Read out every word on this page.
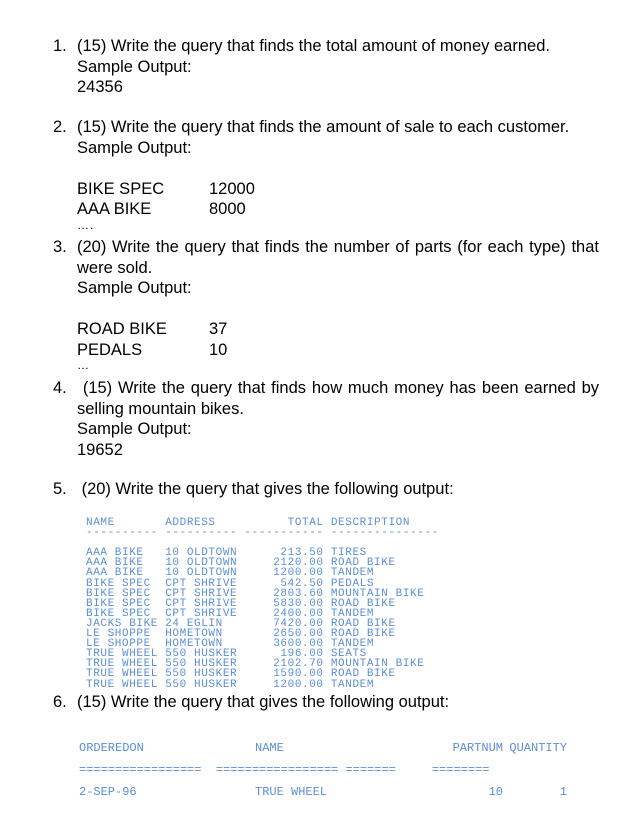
1. (15) Write the query that finds the total amount of money earned.
Sample Output:
24356
2. (15) Write the query that finds the amount of sale to each customer.
Sample Output:
BIKE SPEC	12000
AAA BIKE	8000
….
3. (20) Write the query that finds the number of parts (for each type) that were sold.
Sample Output:
ROAD BIKE	37
PEDALS	10
…
4. (15) Write the query that finds how much money has been earned by selling mountain bikes.
Sample Output:
19652
5. (20) Write the query that gives the following output:
NAME       ADDRESS          TOTAL DESCRIPTION
---------- ---------- ----------- ---------------

AAA BIKE   10 OLDTOWN      213.50 TIRES
AAA BIKE   10 OLDTOWN     2120.00 ROAD BIKE
AAA BIKE   10 OLDTOWN     1200.00 TANDEM
BIKE SPEC  CPT SHRIVE      542.50 PEDALS
BIKE SPEC  CPT SHRIVE     2803.60 MOUNTAIN BIKE
BIKE SPEC  CPT SHRIVE     5830.00 ROAD BIKE
BIKE SPEC  CPT SHRIVE     2400.00 TANDEM
JACKS BIKE 24 EGLIN       7420.00 ROAD BIKE
LE SHOPPE  HOMETOWN       2650.00 ROAD BIKE
LE SHOPPE  HOMETOWN       3600.00 TANDEM
TRUE WHEEL 550 HUSKER      196.00 SEATS
TRUE WHEEL 550 HUSKER     2102.70 MOUNTAIN BIKE
TRUE WHEEL 550 HUSKER     1590.00 ROAD BIKE
TRUE WHEEL 550 HUSKER     1200.00 TANDEM
6. (15) Write the query that gives the following output:
ORDEREDON	NAME	PARTNUM QUANTITY
=================  ================= =======     ========
2-SEP-96	TRUE WHEEL	10	1
